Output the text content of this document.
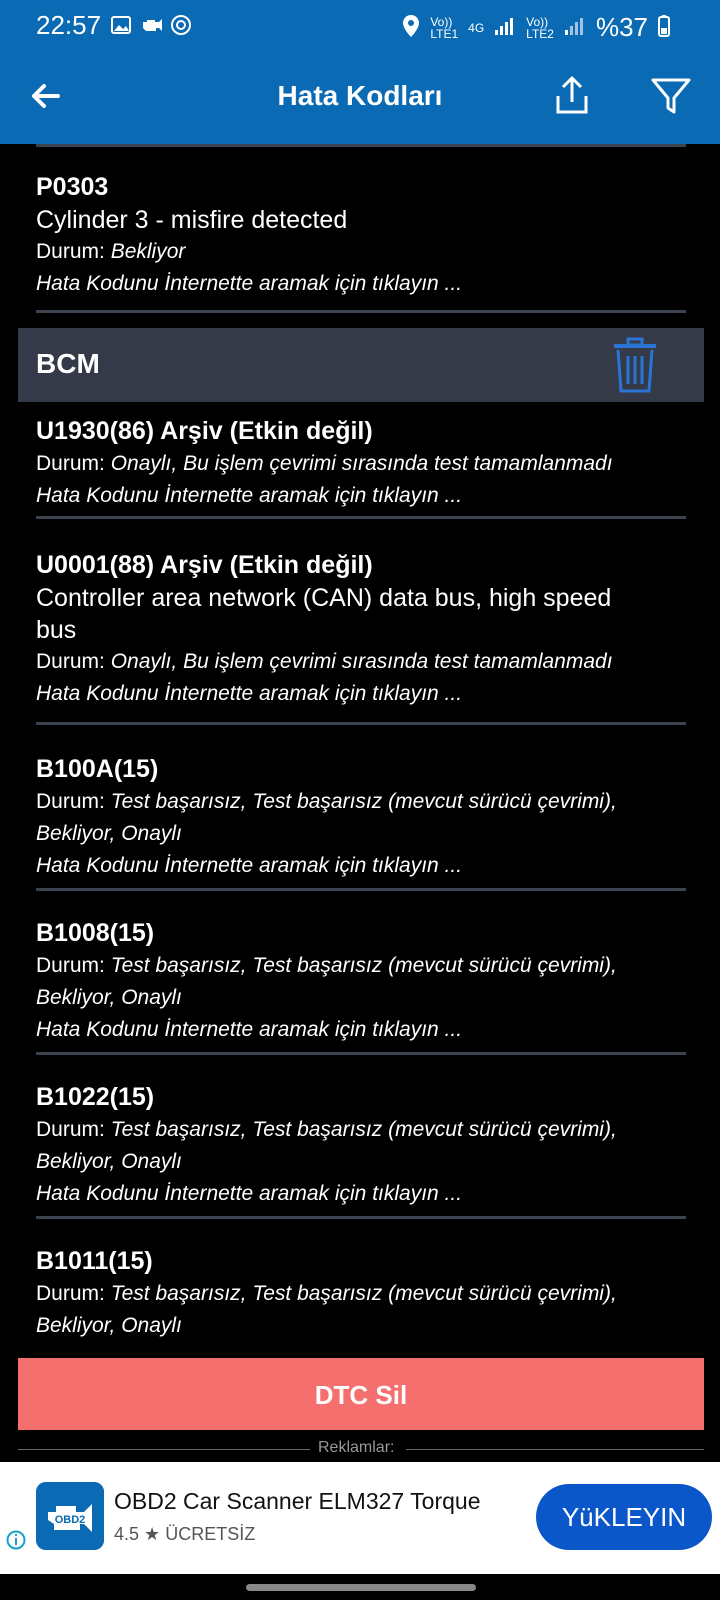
22:57	Vo))
LTE1 4G	Vo))
LTE2 %37
Hata Kodları
P0303
Cylinder 3 - misfire detected
Durum: Bekliyor
Hata Kodunu İnternette aramak için tıklayın ...
BCM
U1930(86) Arşiv (Etkin değil)
Durum: Onaylı, Bu işlem çevrimi sırasında test tamamlanmadı
Hata Kodunu İnternette aramak için tıklayın ...
U0001(88) Arşiv (Etkin değil)
Controller area network (CAN) data bus, high speed
bus
Durum: Onaylı, Bu işlem çevrimi sırasında test tamamlanmadı
Hata Kodunu İnternette aramak için tıklayın ...
B100A(15)
Durum: Test başarısız, Test başarısız (mevcut sürücü çevrimi),
Bekliyor, Onaylı
Hata Kodunu İnternette aramak için tıklayın ...
B1008(15)
Durum: Test başarısız, Test başarısız (mevcut sürücü çevrimi),
Bekliyor, Onaylı
Hata Kodunu İnternette aramak için tıklayın ...
B1022(15)
Durum: Test başarısız, Test başarısız (mevcut sürücü çevrimi),
Bekliyor, Onaylı
Hata Kodunu İnternette aramak için tıklayın ...
B1011(15)
Durum: Test başarısız, Test başarısız (mevcut sürücü çevrimi),
Bekliyor, Onaylı
DTC Sil
Reklamlar:
OBD2
OBD2 Car Scanner ELM327 Torque
4.5 ★ ÜCRETSİZ
YüKLEYIN
